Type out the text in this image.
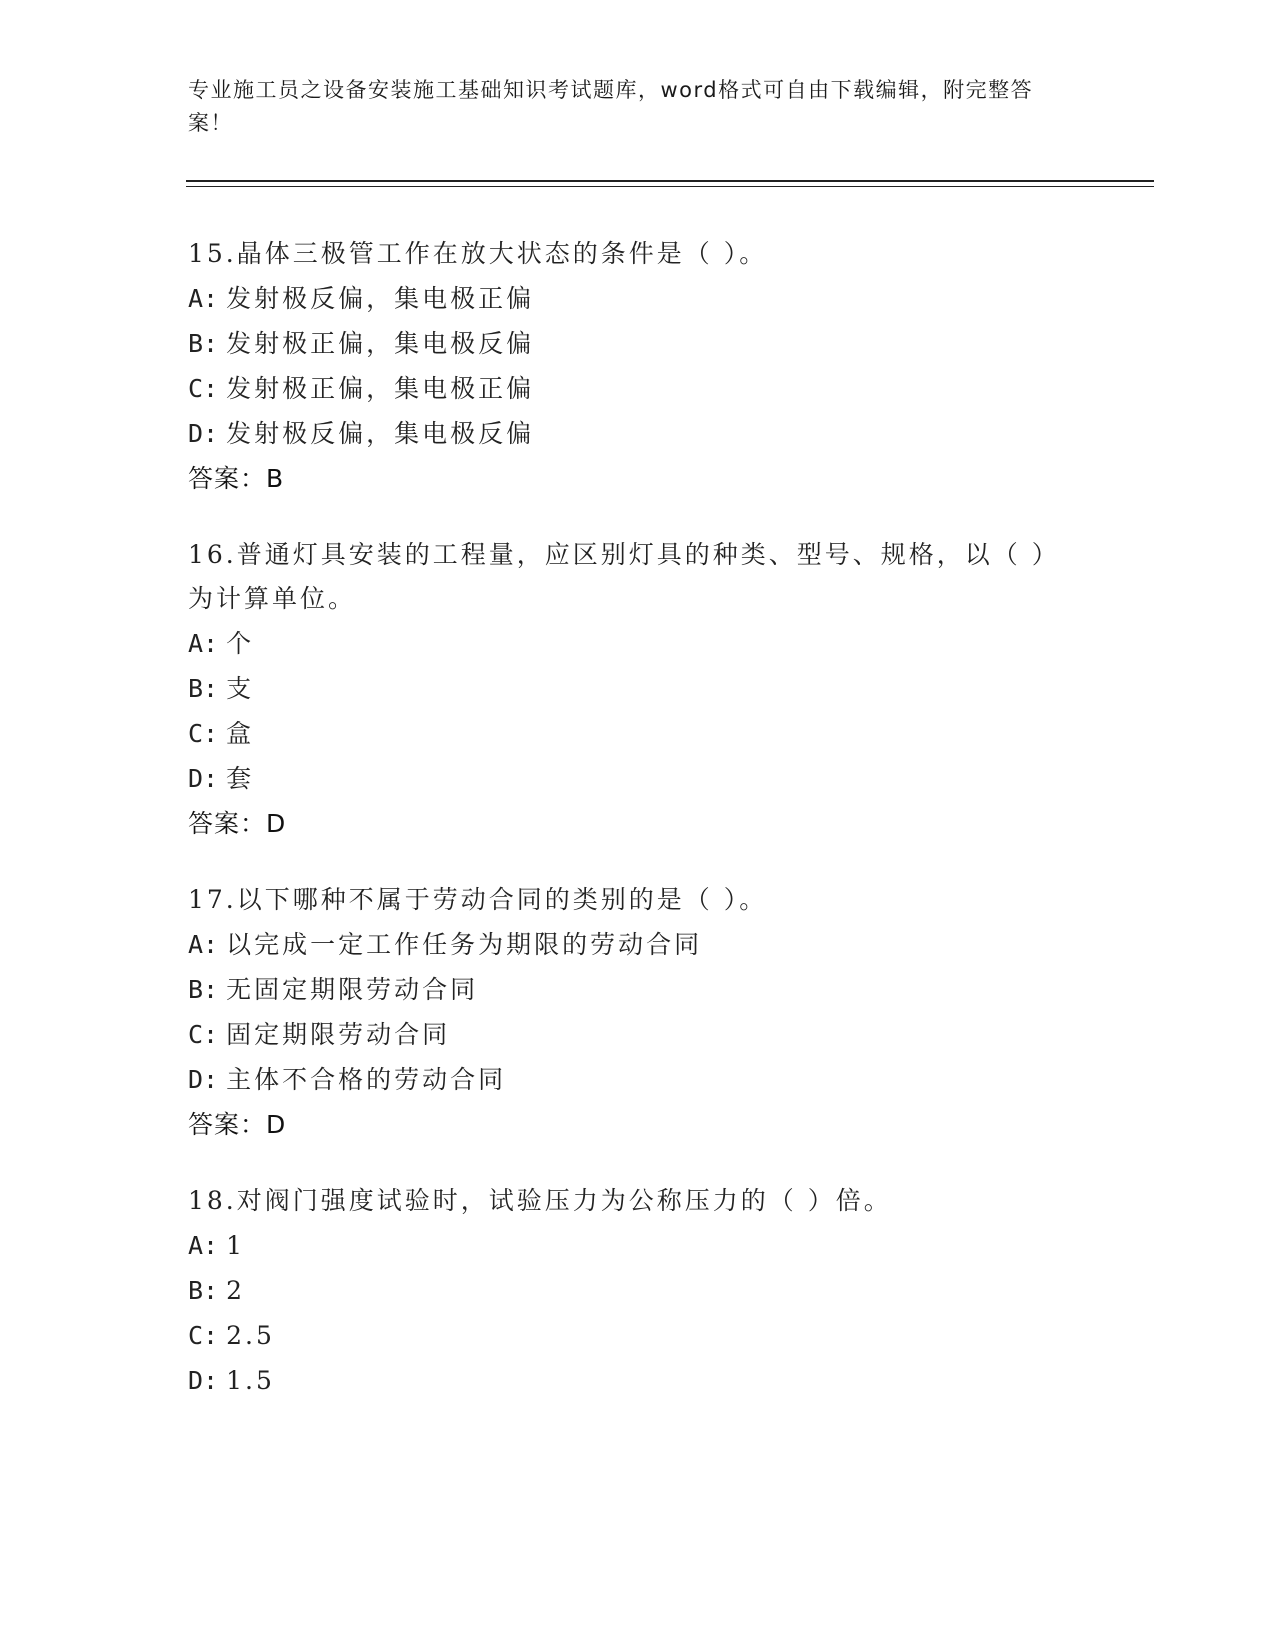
专业施工员之设备安装施工基础知识考试题库，word格式可自由下载编辑，附完整答案！
15.晶体三极管工作在放大状态的条件是（ ）。
A: 发射极反偏，集电极正偏
B: 发射极正偏，集电极反偏
C: 发射极正偏，集电极正偏
D: 发射极反偏，集电极反偏
答案：B
16.普通灯具安装的工程量，应区别灯具的种类、型号、规格，以（ ）为计算单位。
A: 个
B: 支
C: 盒
D: 套
答案：D
17.以下哪种不属于劳动合同的类别的是（ ）。
A: 以完成一定工作任务为期限的劳动合同
B: 无固定期限劳动合同
C: 固定期限劳动合同
D: 主体不合格的劳动合同
答案：D
18.对阀门强度试验时，试验压力为公称压力的（ ）倍。
A: 1
B: 2
C: 2.5
D: 1.5
